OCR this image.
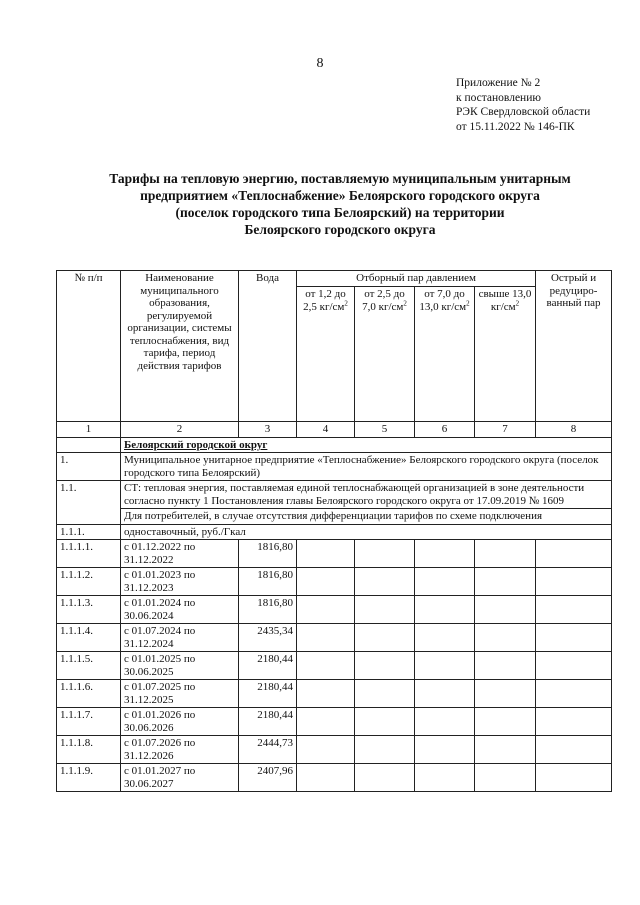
8
Приложение № 2
к постановлению
РЭК Свердловской области
от 15.11.2022 № 146-ПК
Тарифы на тепловую энергию, поставляемую муниципальным унитарным
предприятием «Теплоснабжение» Белоярского городского округа
(поселок городского типа Белоярский) на территории
Белоярского городского округа
№ п/п	Наименование муниципального образования, регулируемой организации, системы теплоснабжения, вид тарифа, период действия тарифов	Вода	Отборный пар давлением				Острый и редуциро-ванный пар
			от 1,2 до 2,5 $кг/см^2$	от 2,5 до 7,0 $кг/см^2$	от 7,0 до 13,0 $кг/см^2$	свыше 13,0 $кг/см^2$
1	2	3	4	5	6	7	8
	Белоярский городской округ						
1.	Муниципальное унитарное предприятие «Теплоснабжение» Белоярского городского округа (поселок городского типа Белоярский)						
1.1.	СТ: тепловая энергия, поставляемая единой теплоснабжающей организацией в зоне деятельности согласно пункту 1 Постановления главы Белоярского городского округа от 17.09.2019 № 1609						
	Для потребителей, в случае отсутствия дифференциации тарифов по схеме подключения						
1.1.1.	одноставочный, руб./Гкал						
1.1.1.1.	с 01.12.2022 по 31.12.2022	1816,80					
1.1.1.2.	с 01.01.2023 по 31.12.2023	1816,80					
1.1.1.3.	с 01.01.2024 по 30.06.2024	1816,80					
1.1.1.4.	с 01.07.2024 по 31.12.2024	2435,34					
1.1.1.5.	с 01.01.2025 по 30.06.2025	2180,44					
1.1.1.6.	с 01.07.2025 по 31.12.2025	2180,44					
1.1.1.7.	с 01.01.2026 по 30.06.2026	2180,44					
1.1.1.8.	с 01.07.2026 по 31.12.2026	2444,73					
1.1.1.9.	с 01.01.2027 по 30.06.2027	2407,96					
